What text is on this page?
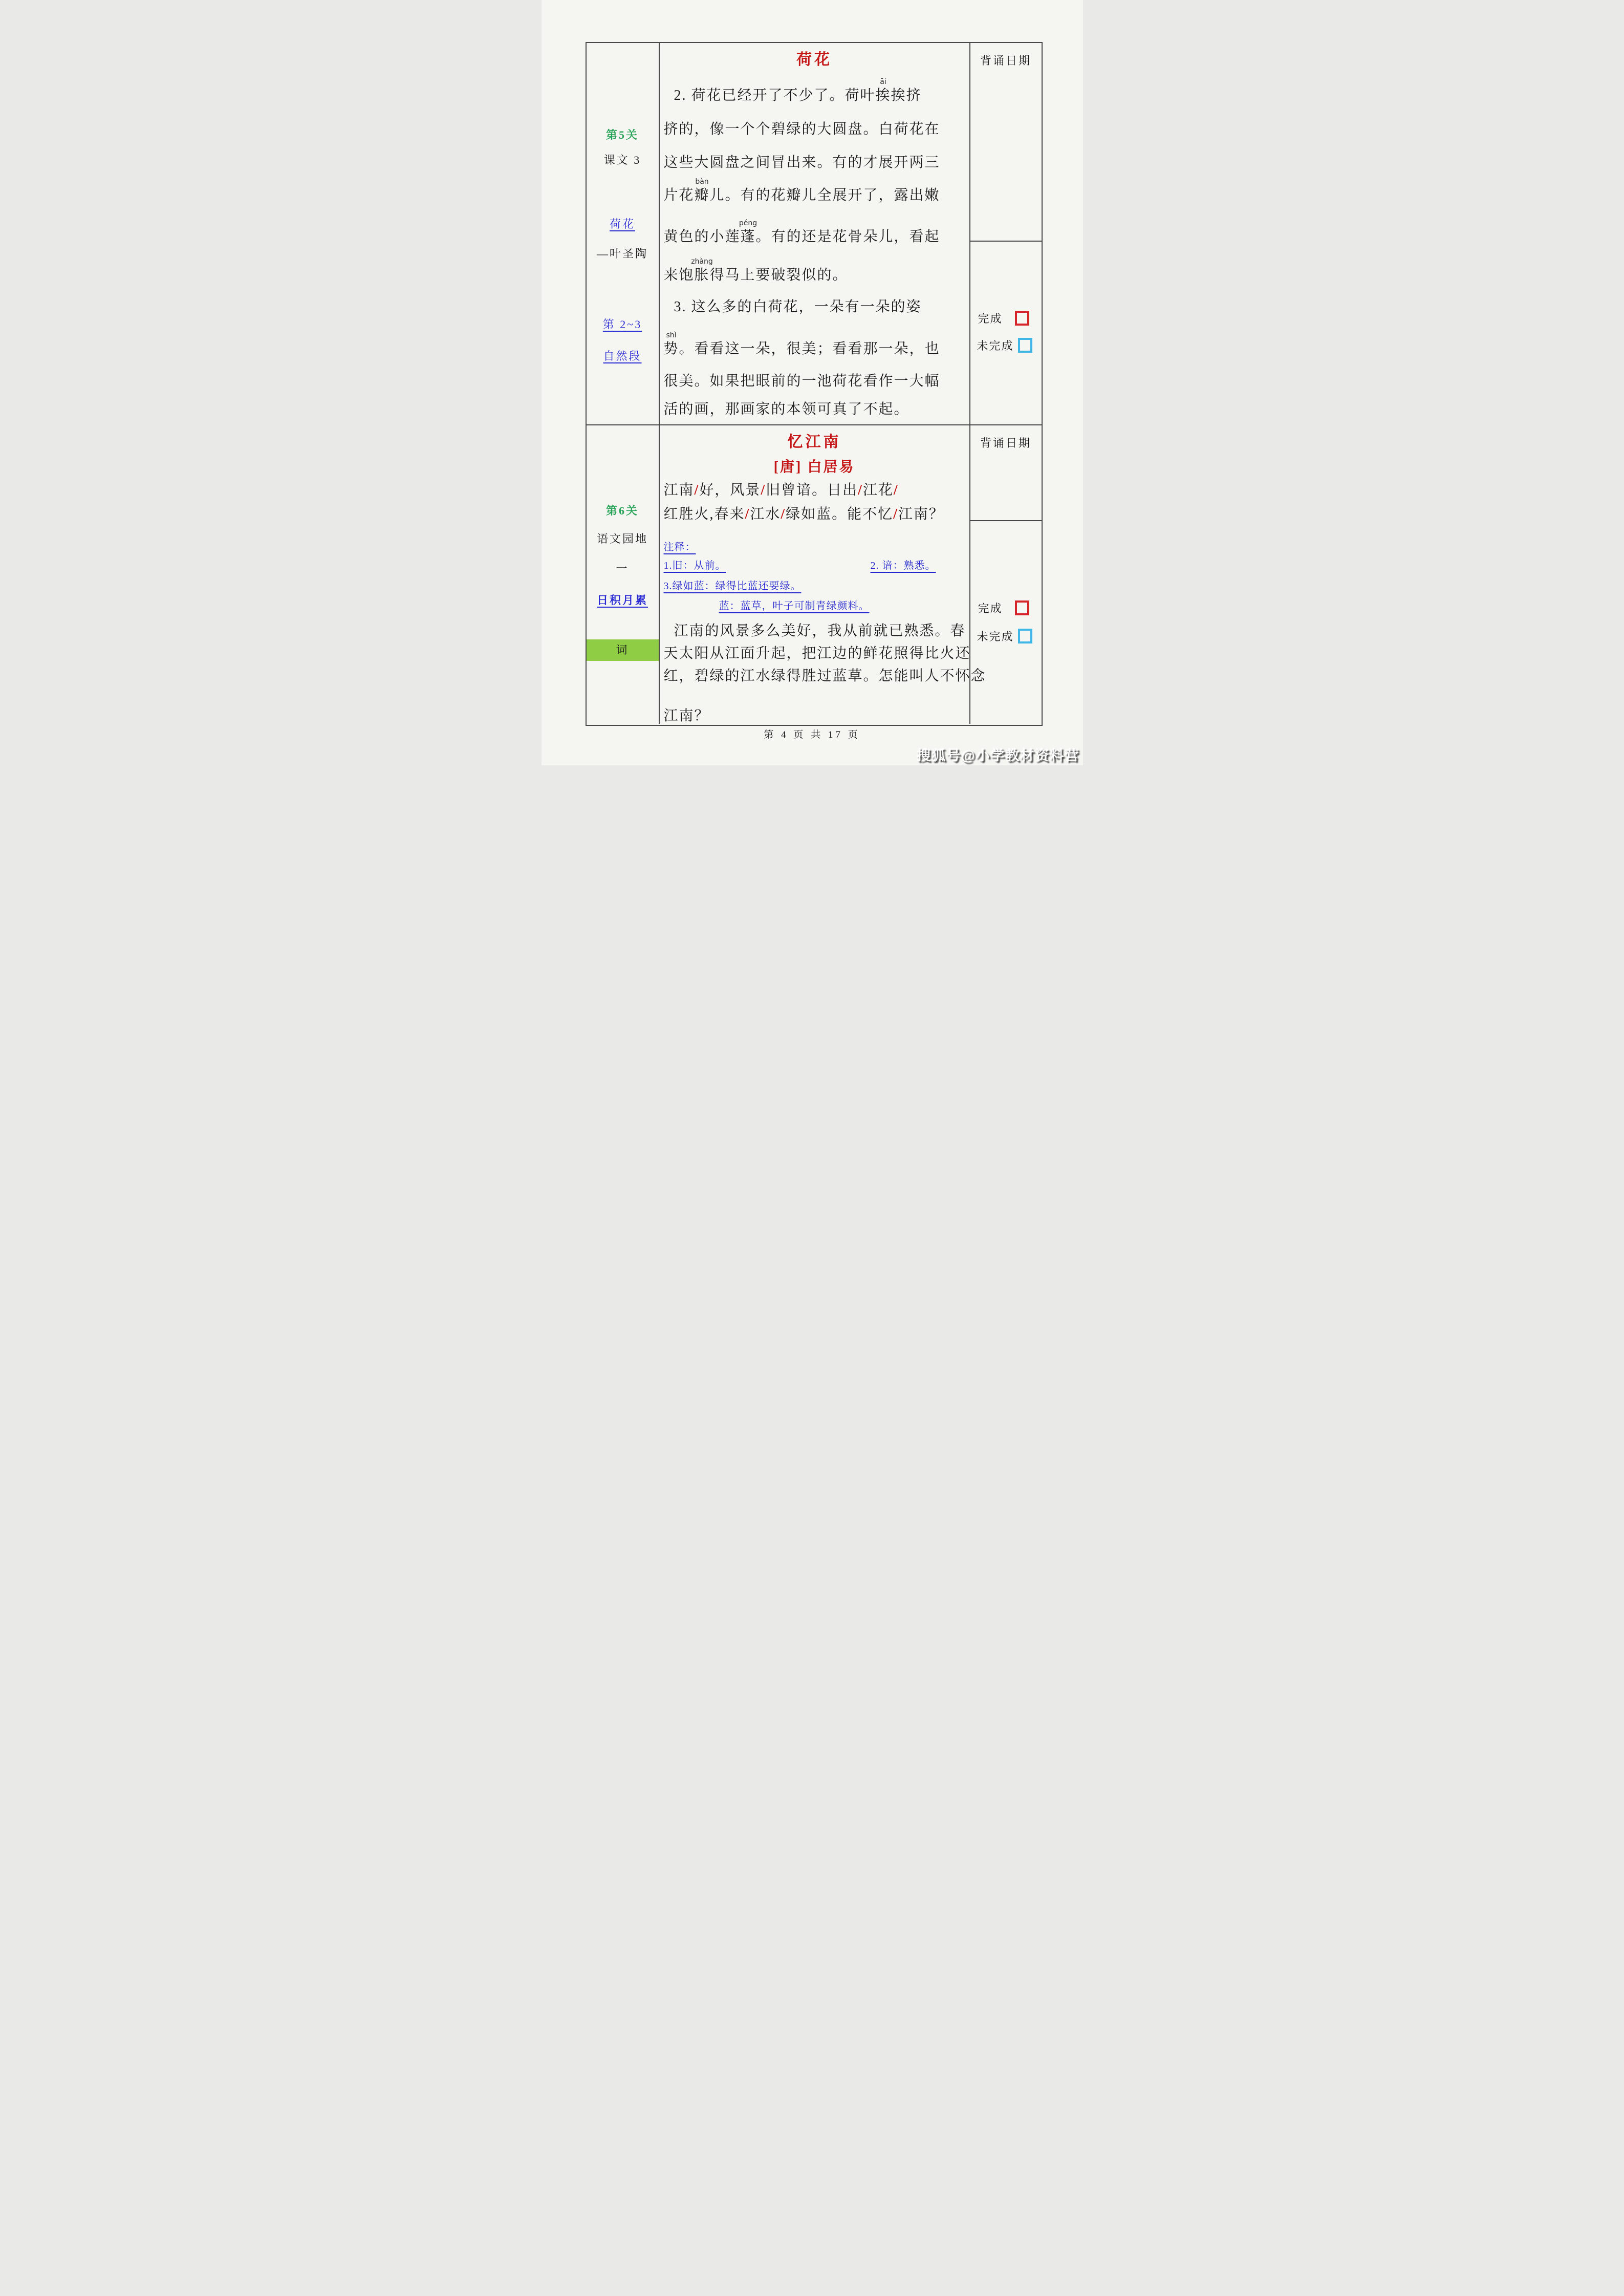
第5关
课文 3
荷花
—叶圣陶
第 2~3
自然段
荷花
2. 荷花已经开了不少了。荷叶
āi
挨挨挤
挤的，像一个个碧绿的大圆盘。白荷花在
这些大圆盘之间冒出来。有的才展开两三
片花
bàn
瓣儿。有的花瓣儿全展开了，露出嫩
黄色的小莲
péng
蓬。有的还是花骨朵儿，看起
来饱
zhàng
胀得马上要破裂似的。
3. 这么多的白荷花，一朵有一朵的姿
shì
势。看看这一朵，很美；看看那一朵，也
很美。如果把眼前的一池荷花看作一大幅
活的画，那画家的本领可真了不起。
背诵日期
完成
未完成
第6关
语文园地
一
日积月累
词
忆江南
[唐] 白居易
江南/好，风景/旧曾谙。日出/江花/
红胜火,春来/江水/绿如蓝。能不忆/江南？
注释：
1.旧：从前。	2. 谙：熟悉。
3.绿如蓝：绿得比蓝还要绿。
蓝：蓝草，叶子可制青绿颜料。
江南的风景多么美好，我从前就已熟悉。春
天太阳从江面升起，把江边的鲜花照得比火还
红，碧绿的江水绿得胜过蓝草。怎能叫人不怀念
江南？
背诵日期
完成
未完成
第 4 页 共 17 页
搜狐号@小学教材资料营
